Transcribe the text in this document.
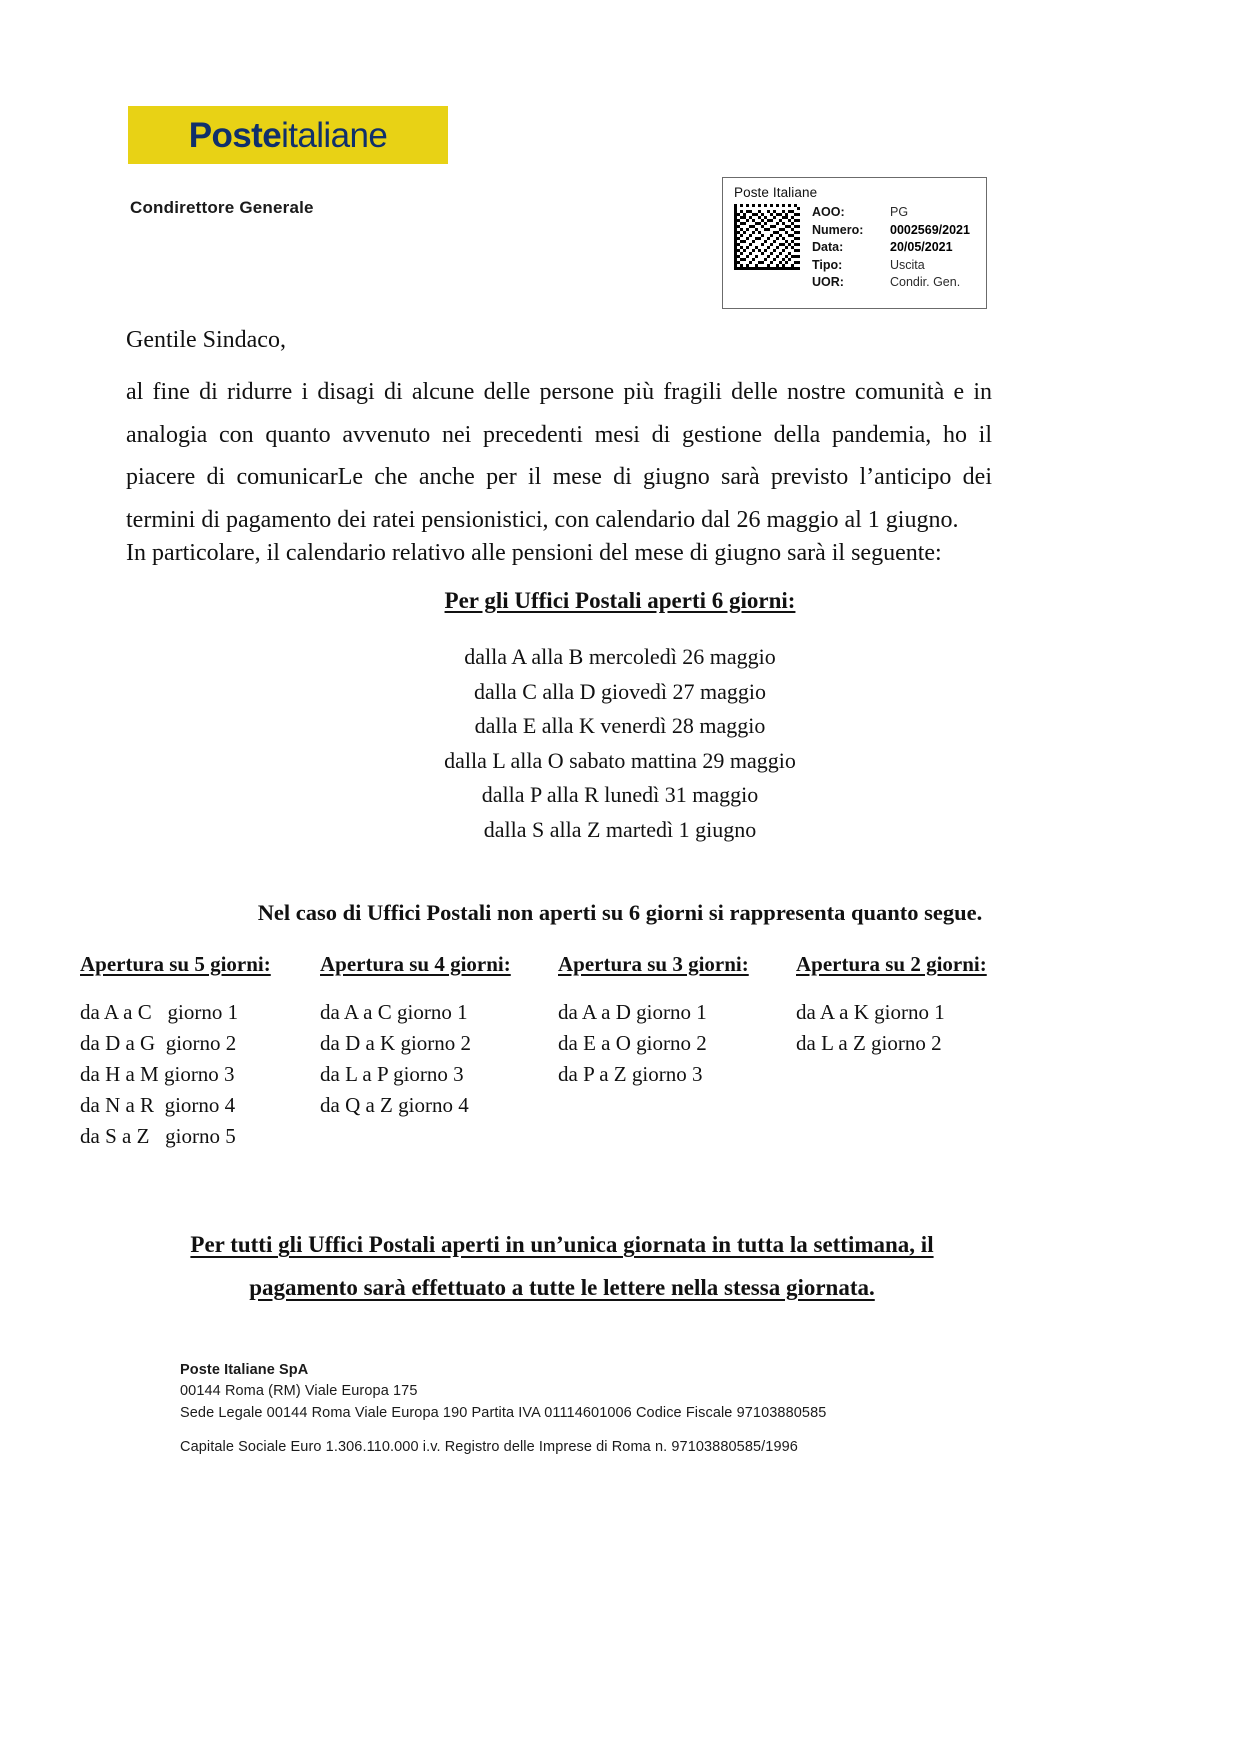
Posteitaliane
Condirettore Generale
Poste Italiane
AOO:	PG
Numero:	0002569/2021
Data:	20/05/2021
Tipo:	Uscita
UOR:	Condir. Gen.
Gentile Sindaco,
al fine di ridurre i disagi di alcune delle persone più fragili delle nostre comunità e in analogia con quanto avvenuto nei precedenti mesi di gestione della pandemia, ho il piacere di comunicarLe che anche per il mese di giugno sarà previsto l’anticipo dei termini di pagamento dei ratei pensionistici, con calendario dal 26 maggio al 1 giugno.
In particolare, il calendario relativo alle pensioni del mese di giugno sarà il seguente:
Per gli Uffici Postali aperti 6 giorni:
dalla A alla B mercoledì 26 maggio
dalla C alla D giovedì 27 maggio
dalla E alla K venerdì 28 maggio
dalla L alla O sabato mattina 29 maggio
dalla P alla R lunedì 31 maggio
dalla S alla Z martedì 1 giugno
Nel caso di Uffici Postali non aperti su 6 giorni si rappresenta quanto segue.
Apertura su 5 giorni:
da A a C   giorno 1
da D a G  giorno 2
da H a M giorno 3
da N a R  giorno 4
da S a Z   giorno 5
Apertura su 4 giorni:
da A a C giorno 1
da D a K giorno 2
da L a P giorno 3
da Q a Z giorno 4
Apertura su 3 giorni:
da A a D giorno 1
da E a O giorno 2
da P a Z giorno 3
Apertura su 2 giorni:
da A a K giorno 1
da L a Z giorno 2
Per tutti gli Uffici Postali aperti in un’unica giornata in tutta la settimana, il
pagamento sarà effettuato a tutte le lettere nella stessa giornata.
Poste Italiane SpA
00144 Roma (RM) Viale Europa 175
Sede Legale 00144 Roma Viale Europa 190 Partita IVA 01114601006 Codice Fiscale 97103880585
Capitale Sociale Euro 1.306.110.000 i.v. Registro delle Imprese di Roma n. 97103880585/1996
